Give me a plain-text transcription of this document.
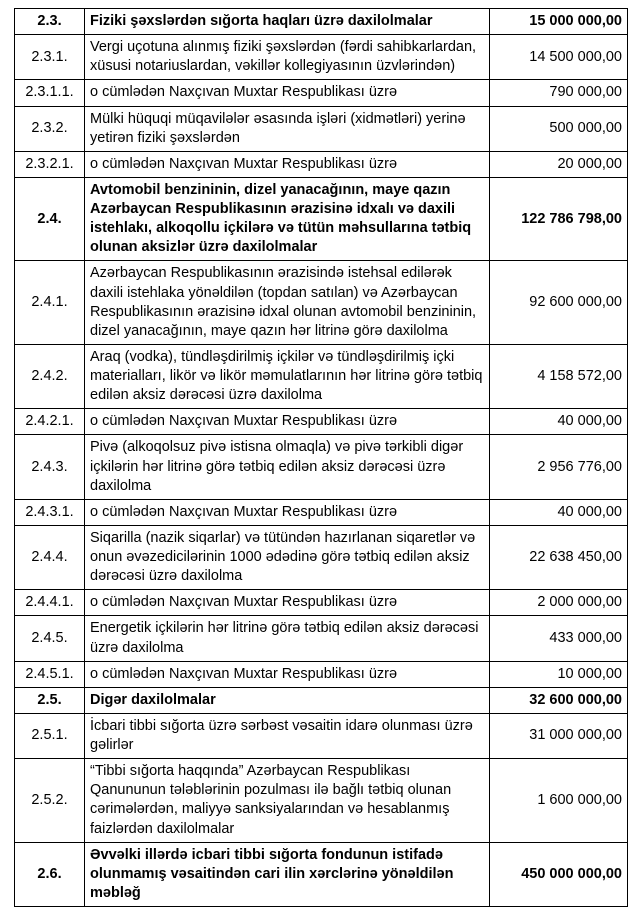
2.3.	Fiziki şəxslərdən sığorta haqları üzrə daxilolmalar	15 000 000,00
2.3.1.	Vergi uçotuna alınmış fiziki şəxslərdən (fərdi sahibkarlardan, xüsusi notariuslardan, vəkillər kollegiyasının üzvlərindən)	14 500 000,00
2.3.1.1.	o cümlədən Naxçıvan Muxtar Respublikası üzrə	790 000,00
2.3.2.	Mülki hüquqi müqavilələr əsasında işləri (xidmətləri) yerinə yetirən fiziki şəxslərdən	500 000,00
2.3.2.1.	o cümlədən Naxçıvan Muxtar Respublikası üzrə	20 000,00
2.4.	Avtomobil benzininin, dizel yanacağının, maye qazın Azərbaycan Respublikasının ərazisinə idxalı və daxili istehlakı, alkoqollu içkilərə və tütün məhsullarına tətbiq olunan aksizlər üzrə daxilolmalar	122 786 798,00
2.4.1.	Azərbaycan Respublikasının ərazisində istehsal edilərək daxili istehlaka yönəldilən (topdan satılan) və Azərbaycan Respublikasının ərazisinə idxal olunan avtomobil benzininin, dizel yanacağının, maye qazın hər litrinə görə daxilolma	92 600 000,00
2.4.2.	Araq (vodka), tündləşdirilmiş içkilər və tündləşdirilmiş içki materialları, likör və likör məmulatlarının hər litrinə görə tətbiq edilən aksiz dərəcəsi üzrə daxilolma	4 158 572,00
2.4.2.1.	o cümlədən Naxçıvan Muxtar Respublikası üzrə	40 000,00
2.4.3.	Pivə (alkoqolsuz pivə istisna olmaqla) və pivə tərkibli digər içkilərin hər litrinə görə tətbiq edilən aksiz dərəcəsi üzrə daxilolma	2 956 776,00
2.4.3.1.	o cümlədən Naxçıvan Muxtar Respublikası üzrə	40 000,00
2.4.4.	Siqarilla (nazik siqarlar) və tütündən hazırlanan siqaretlər və onun əvəzedicilərinin 1000 ədədinə görə tətbiq edilən aksiz dərəcəsi üzrə daxilolma	22 638 450,00
2.4.4.1.	o cümlədən Naxçıvan Muxtar Respublikası üzrə	2 000 000,00
2.4.5.	Energetik içkilərin hər litrinə görə tətbiq edilən aksiz dərəcəsi üzrə daxilolma	433 000,00
2.4.5.1.	o cümlədən Naxçıvan Muxtar Respublikası üzrə	10 000,00
2.5.	Digər daxilolmalar	32 600 000,00
2.5.1.	İcbari tibbi sığorta üzrə sərbəst vəsaitin idarə olunması üzrə gəlirlər	31 000 000,00
2.5.2.	“Tibbi sığorta haqqında” Azərbaycan Respublikası Qanununun tələblərinin pozulması ilə bağlı tətbiq olunan cərimələrdən, maliyyə sanksiyalarından və hesablanmış faizlərdən daxilolmalar	1 600 000,00
2.6.	Əvvəlki illərdə icbari tibbi sığorta fondunun istifadə olunmamış vəsaitindən cari ilin xərclərinə yönəldilən məbləğ	450 000 000,00
